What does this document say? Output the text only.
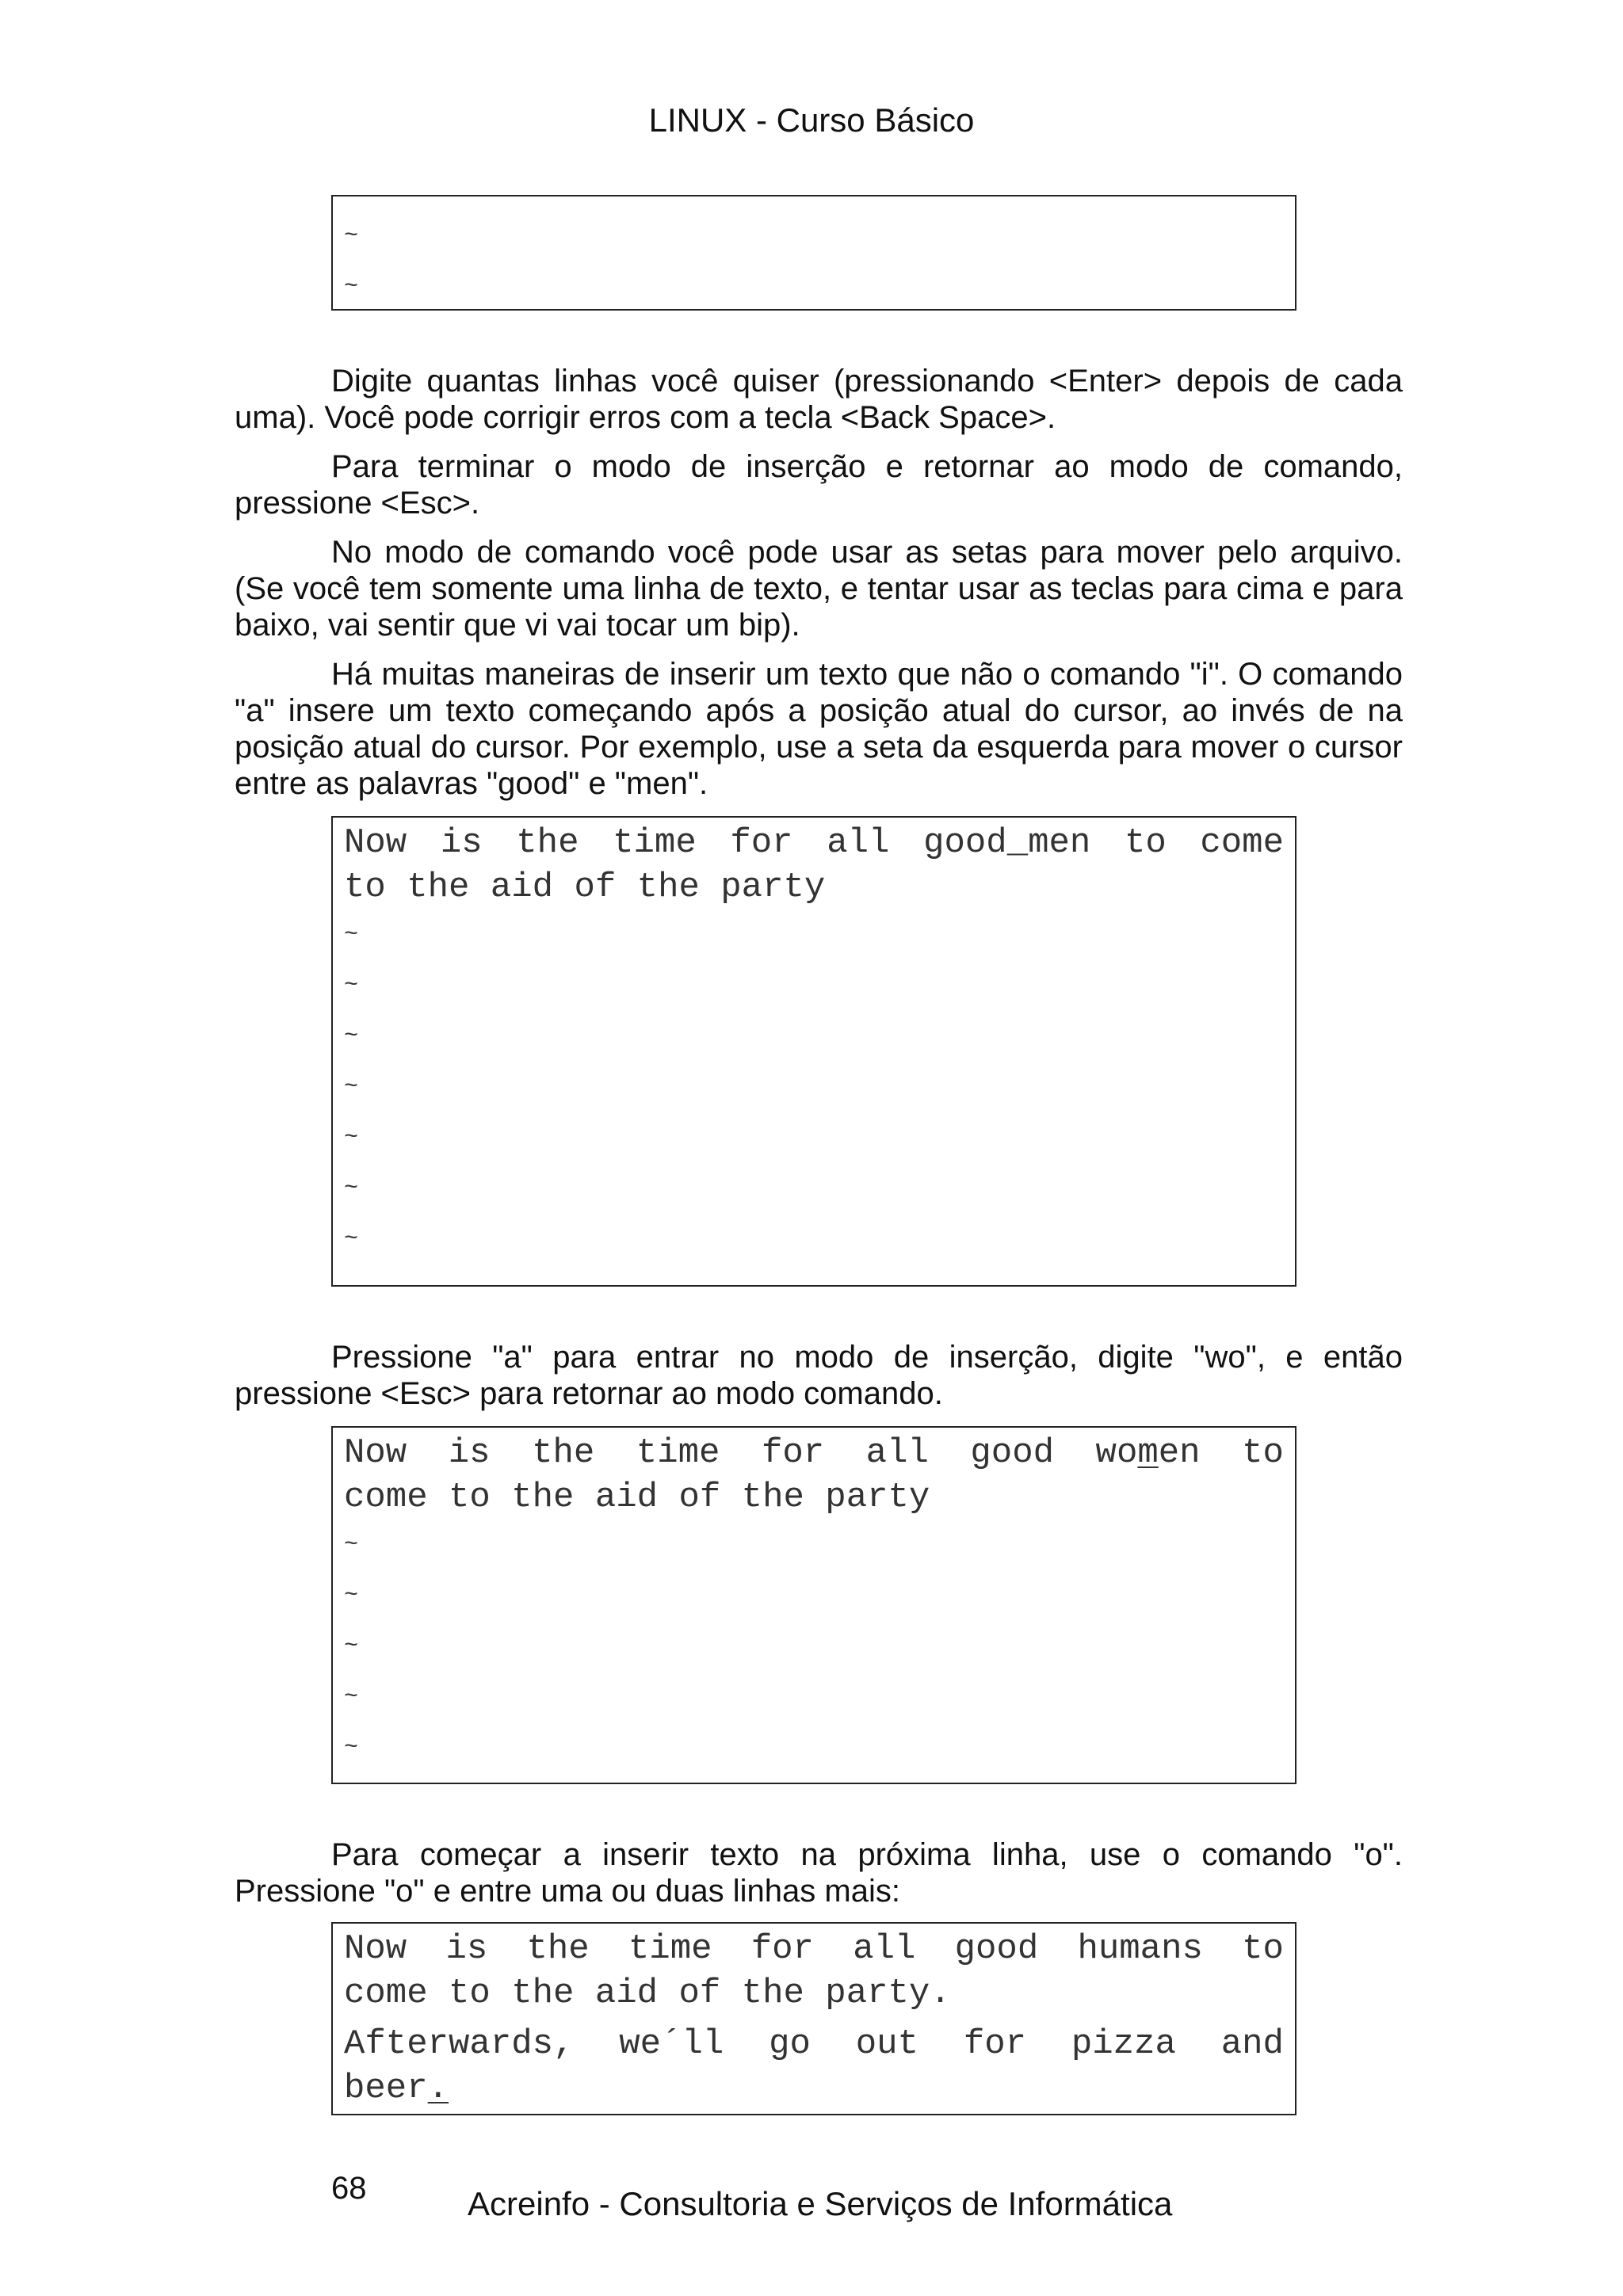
LINUX - Curso Básico
~
~

Digite quantas linhas você quiser (pressionando <Enter> depois de cada uma). Você pode corrigir erros com a tecla <Back Space>.

Para terminar o modo de inserção e retornar ao modo de comando, pressione <Esc>.

No modo de comando você pode usar as setas para mover pelo arquivo. (Se você tem somente uma linha de texto, e tentar usar as teclas para cima e para baixo, vai sentir que vi vai tocar um bip).

Há muitas maneiras de inserir um texto que não o comando "i". O comando "a" insere um texto começando após a posição atual do cursor, ao invés de na posição atual do cursor. Por exemplo, use a seta da esquerda para mover o cursor entre as palavras "good" e "men".

Now is the time for all good_men to come
to the aid of the party
~
~
~
~
~
~
~

Pressione "a" para entrar no modo de inserção, digite "wo", e então pressione <Esc> para retornar ao modo comando.

Now is the time for all good women to
come to the aid of the party
~
~
~
~
~

Para começar a inserir texto na próxima linha, use o comando "o". Pressione "o" e entre uma ou duas linhas mais:

Now is the time for all good humans to
come to the aid of the party.
Afterwards, we´ll go out for pizza and
beer.
68	Acreinfo - Consultoria e Serviços de Informática
